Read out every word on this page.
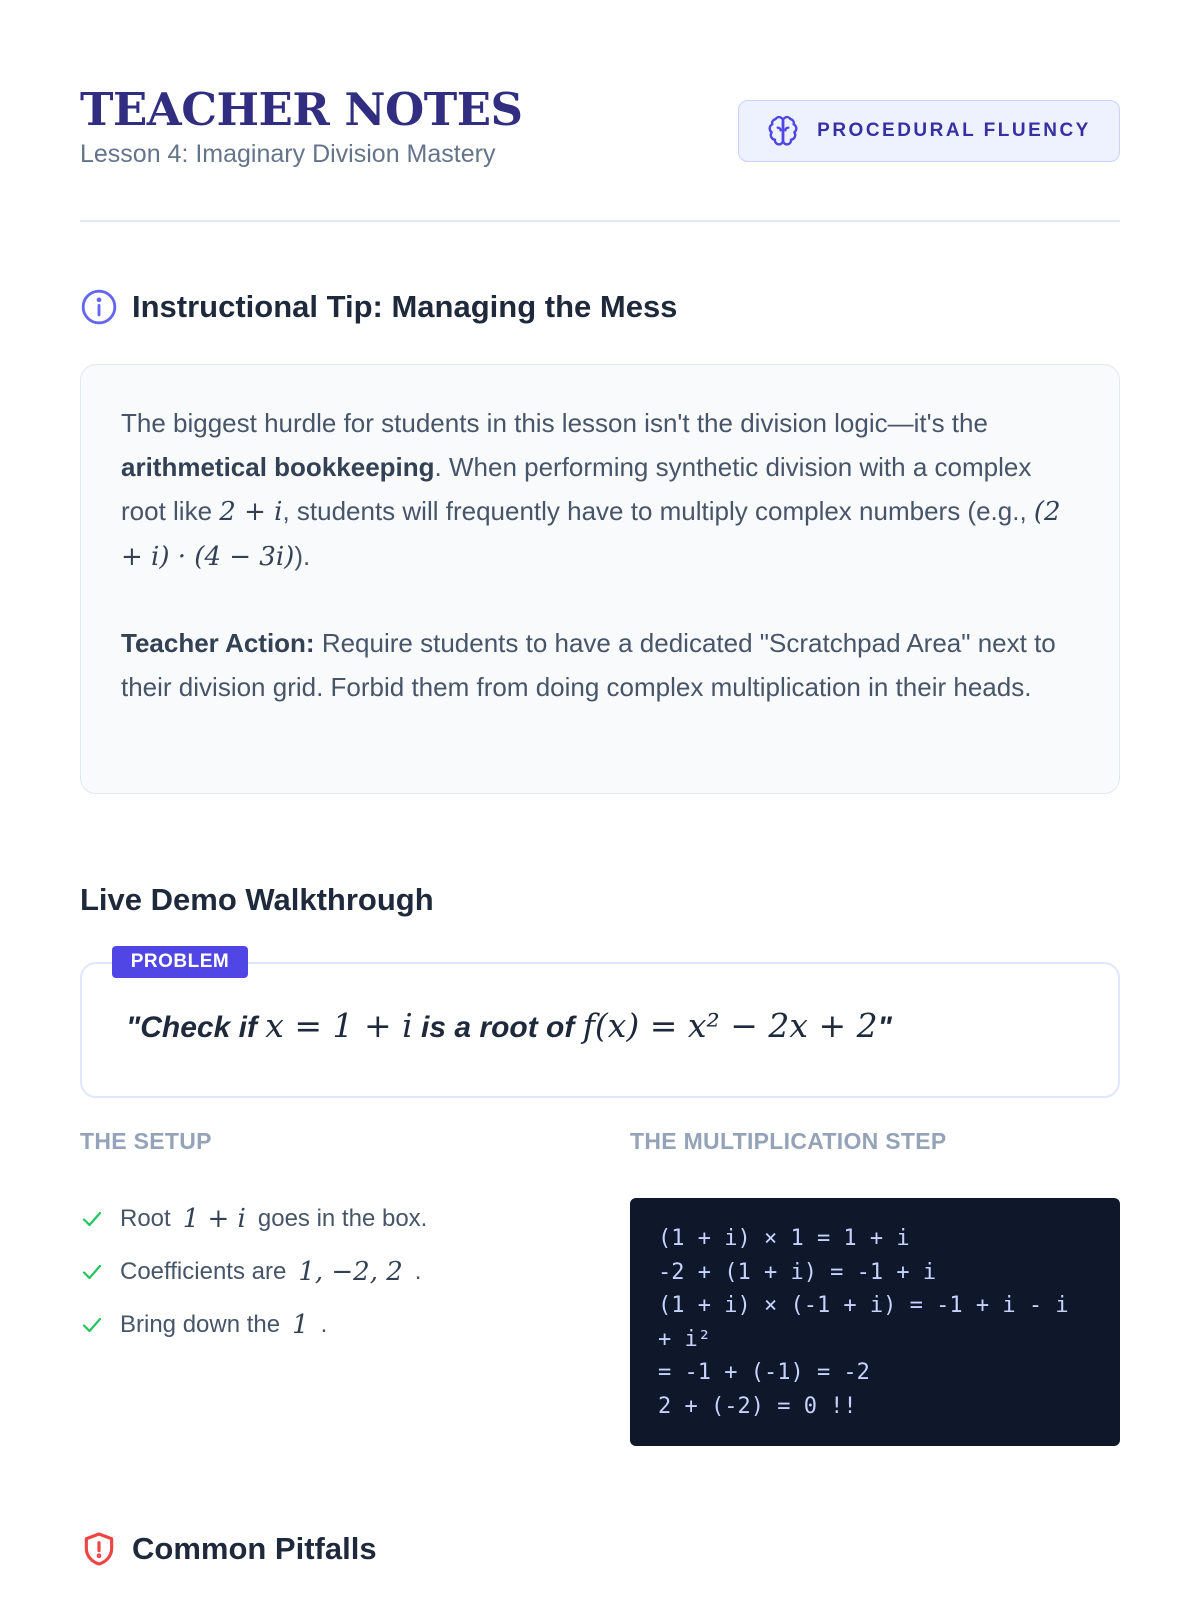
TEACHER NOTES
Lesson 4: Imaginary Division Mastery
PROCEDURAL FLUENCY
Instructional Tip: Managing the Mess

The biggest hurdle for students in this lesson isn't the division logic—it's the arithmetical bookkeeping. When performing synthetic division with a complex root like 2 + i, students will frequently have to multiply complex numbers (e.g., (2 + i) · (4 − 3i)).

Teacher Action: Require students to have a dedicated "Scratchpad Area" next to their division grid. Forbid them from doing complex multiplication in their heads.

Live Demo Walkthrough
PROBLEM
"Check if x = 1 + i is a root of f(x) = x² − 2x + 2"
THE SETUP	THE MULTIPLICATION STEP
Root 1 + i goes in the box.
Coefficients are 1, −2, 2 .
Bring down the 1 .
(1 + i) × 1 = 1 + i
-2 + (1 + i) = -1 + i
(1 + i) × (-1 + i) = -1 + i - i
+ i²
= -1 + (-1) = -2
2 + (-2) = 0 !!
Common Pitfalls
